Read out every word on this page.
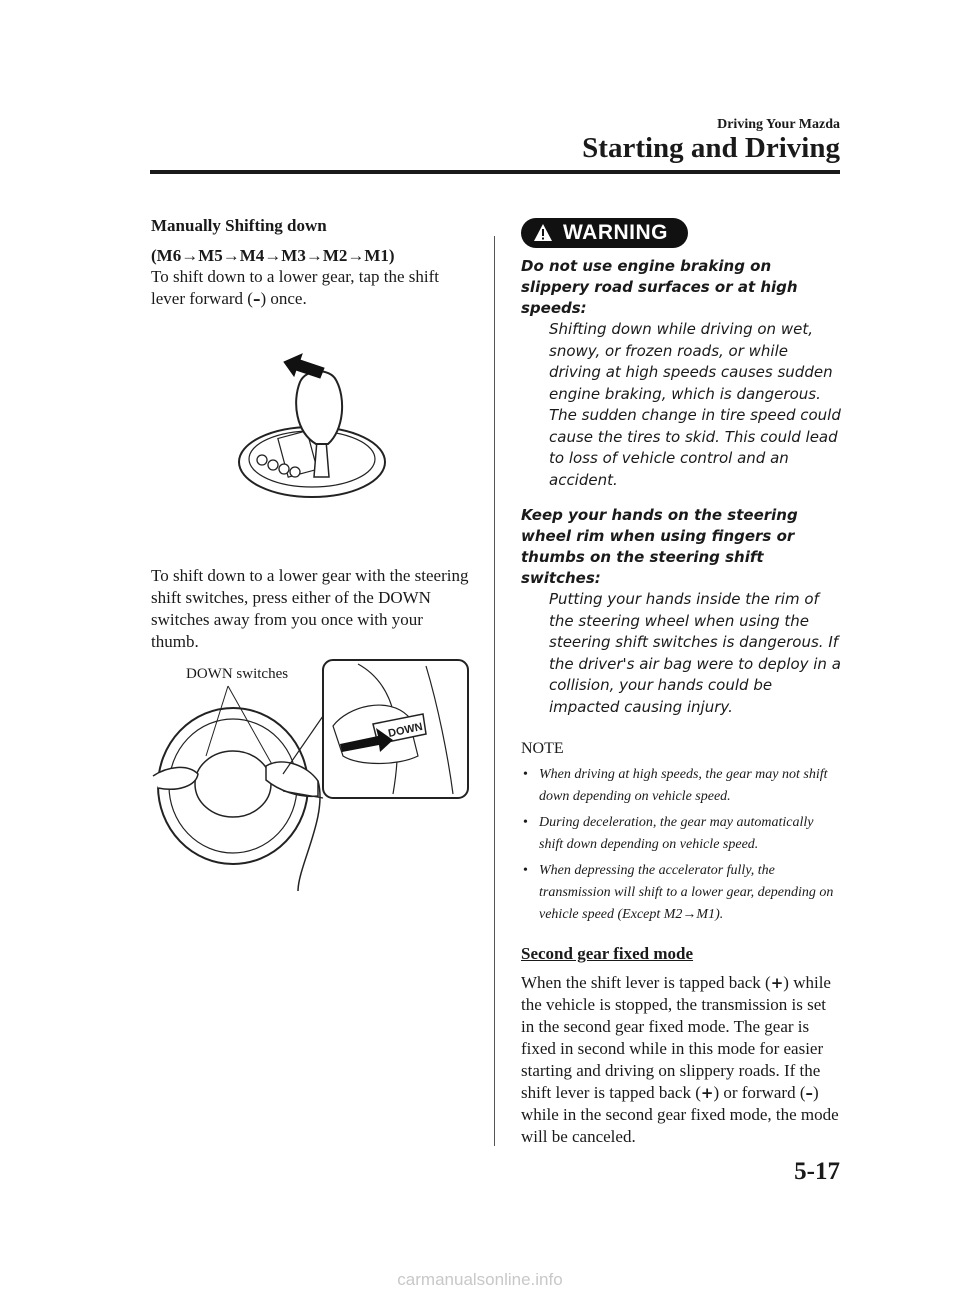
Driving Your Mazda
Starting and Driving

Manually Shifting down

(M6→M5→M4→M3→M2→M1)

To shift down to a lower gear, tap the shift lever forward (–) once.

To shift down to a lower gear with the steering shift switches, press either of the DOWN switches away from you once with your thumb.

DOWN switches
DOWN
WARNING

Do not use engine braking on slippery road surfaces or at high speeds:

Shifting down while driving on wet, snowy, or frozen roads, or while driving at high speeds causes sudden engine braking, which is dangerous. The sudden change in tire speed could cause the tires to skid. This could lead to loss of vehicle control and an accident.

Keep your hands on the steering wheel rim when using fingers or thumbs on the steering shift switches:

Putting your hands inside the rim of the steering wheel when using the steering shift switches is dangerous. If the driver's air bag were to deploy in a collision, your hands could be impacted causing injury.

NOTE

• When driving at high speeds, the gear may not shift down depending on vehicle speed.
• During deceleration, the gear may automatically shift down depending on vehicle speed.
• When depressing the accelerator fully, the transmission will shift to a lower gear, depending on vehicle speed (Except M2→M1).

Second gear fixed mode

When the shift lever is tapped back (+) while the vehicle is stopped, the transmission is set in the second gear fixed mode. The gear is fixed in second while in this mode for easier starting and driving on slippery roads. If the shift lever is tapped back (+) or forward (–) while in the second gear fixed mode, the mode will be canceled.

5-17
carmanualsonline.info
